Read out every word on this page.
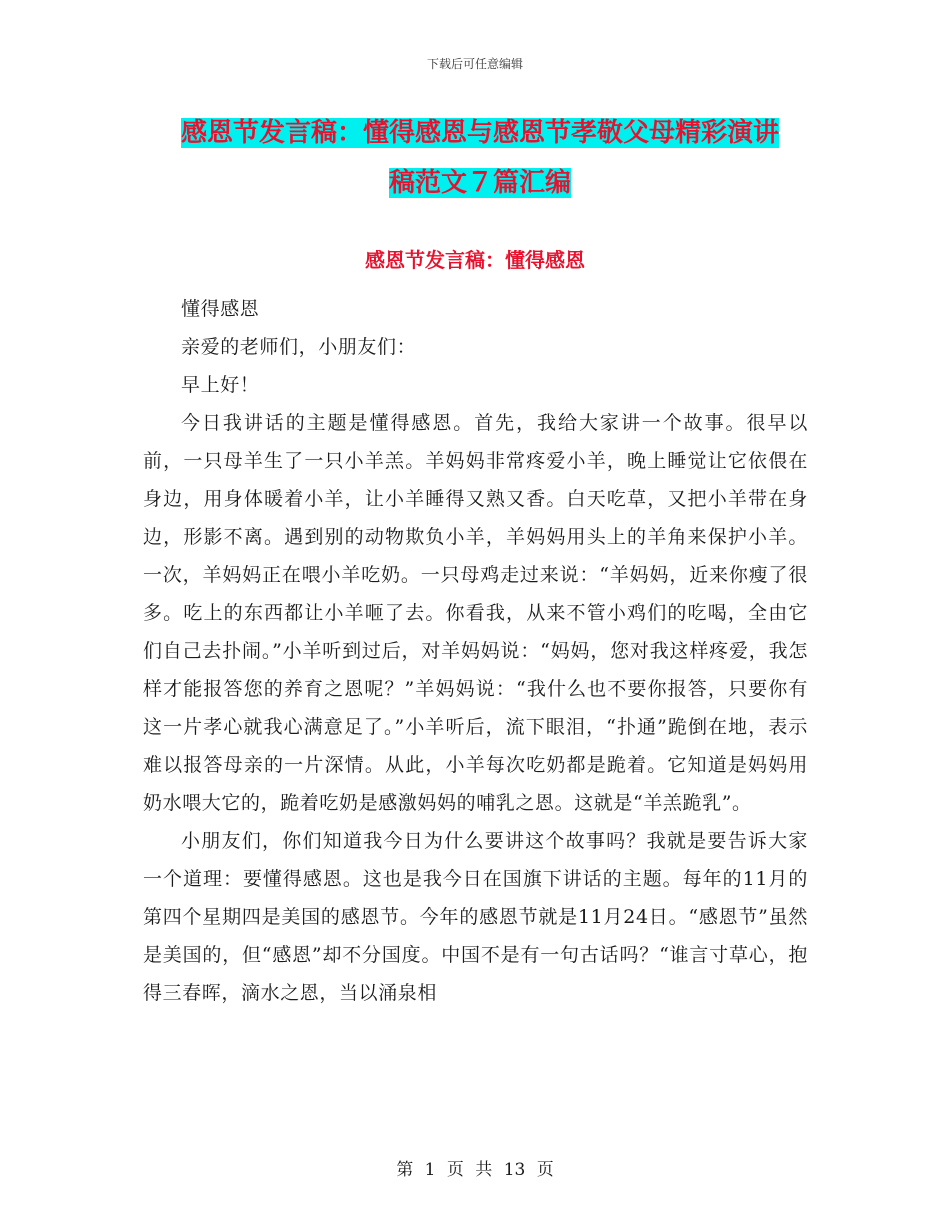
下载后可任意编辑
感恩节发言稿：懂得感恩与感恩节孝敬父母精彩演讲
稿范文７篇汇编
感恩节发言稿：懂得感恩

懂得感恩

亲爱的老师们，小朋友们：

早上好！

今日我讲话的主题是懂得感恩。首先，我给大家讲一个故事。很早以前，一只母羊生了一只小羊羔。羊妈妈非常疼爱小羊，晚上睡觉让它依偎在身边，用身体暖着小羊，让小羊睡得又熟又香。白天吃草，又把小羊带在身边，形影不离。遇到别的动物欺负小羊，羊妈妈用头上的羊角来保护小羊。一次，羊妈妈正在喂小羊吃奶。一只母鸡走过来说：“羊妈妈，近来你瘦了很多。吃上的东西都让小羊咂了去。你看我，从来不管小鸡们的吃喝，全由它们自己去扑闹。”小羊听到过后，对羊妈妈说：“妈妈，您对我这样疼爱，我怎样才能报答您的养育之恩呢？”羊妈妈说：“我什么也不要你报答，只要你有这一片孝心就我心满意足了。”小羊听后，流下眼泪，“扑通”跪倒在地，表示难以报答母亲的一片深情。从此，小羊每次吃奶都是跪着。它知道是妈妈用奶水喂大它的，跪着吃奶是感激妈妈的哺乳之恩。这就是“羊羔跪乳”。

小朋友们，你们知道我今日为什么要讲这个故事吗？我就是要告诉大家一个道理：要懂得感恩。这也是我今日在国旗下讲话的主题。每年的11月的第四个星期四是美国的感恩节。今年的感恩节就是11月24日。“感恩节”虽然是美国的，但“感恩”却不分国度。中国不是有一句古话吗？“谁言寸草心，抱得三春晖，滴水之恩，当以涌泉相

第 1 页 共 13 页
